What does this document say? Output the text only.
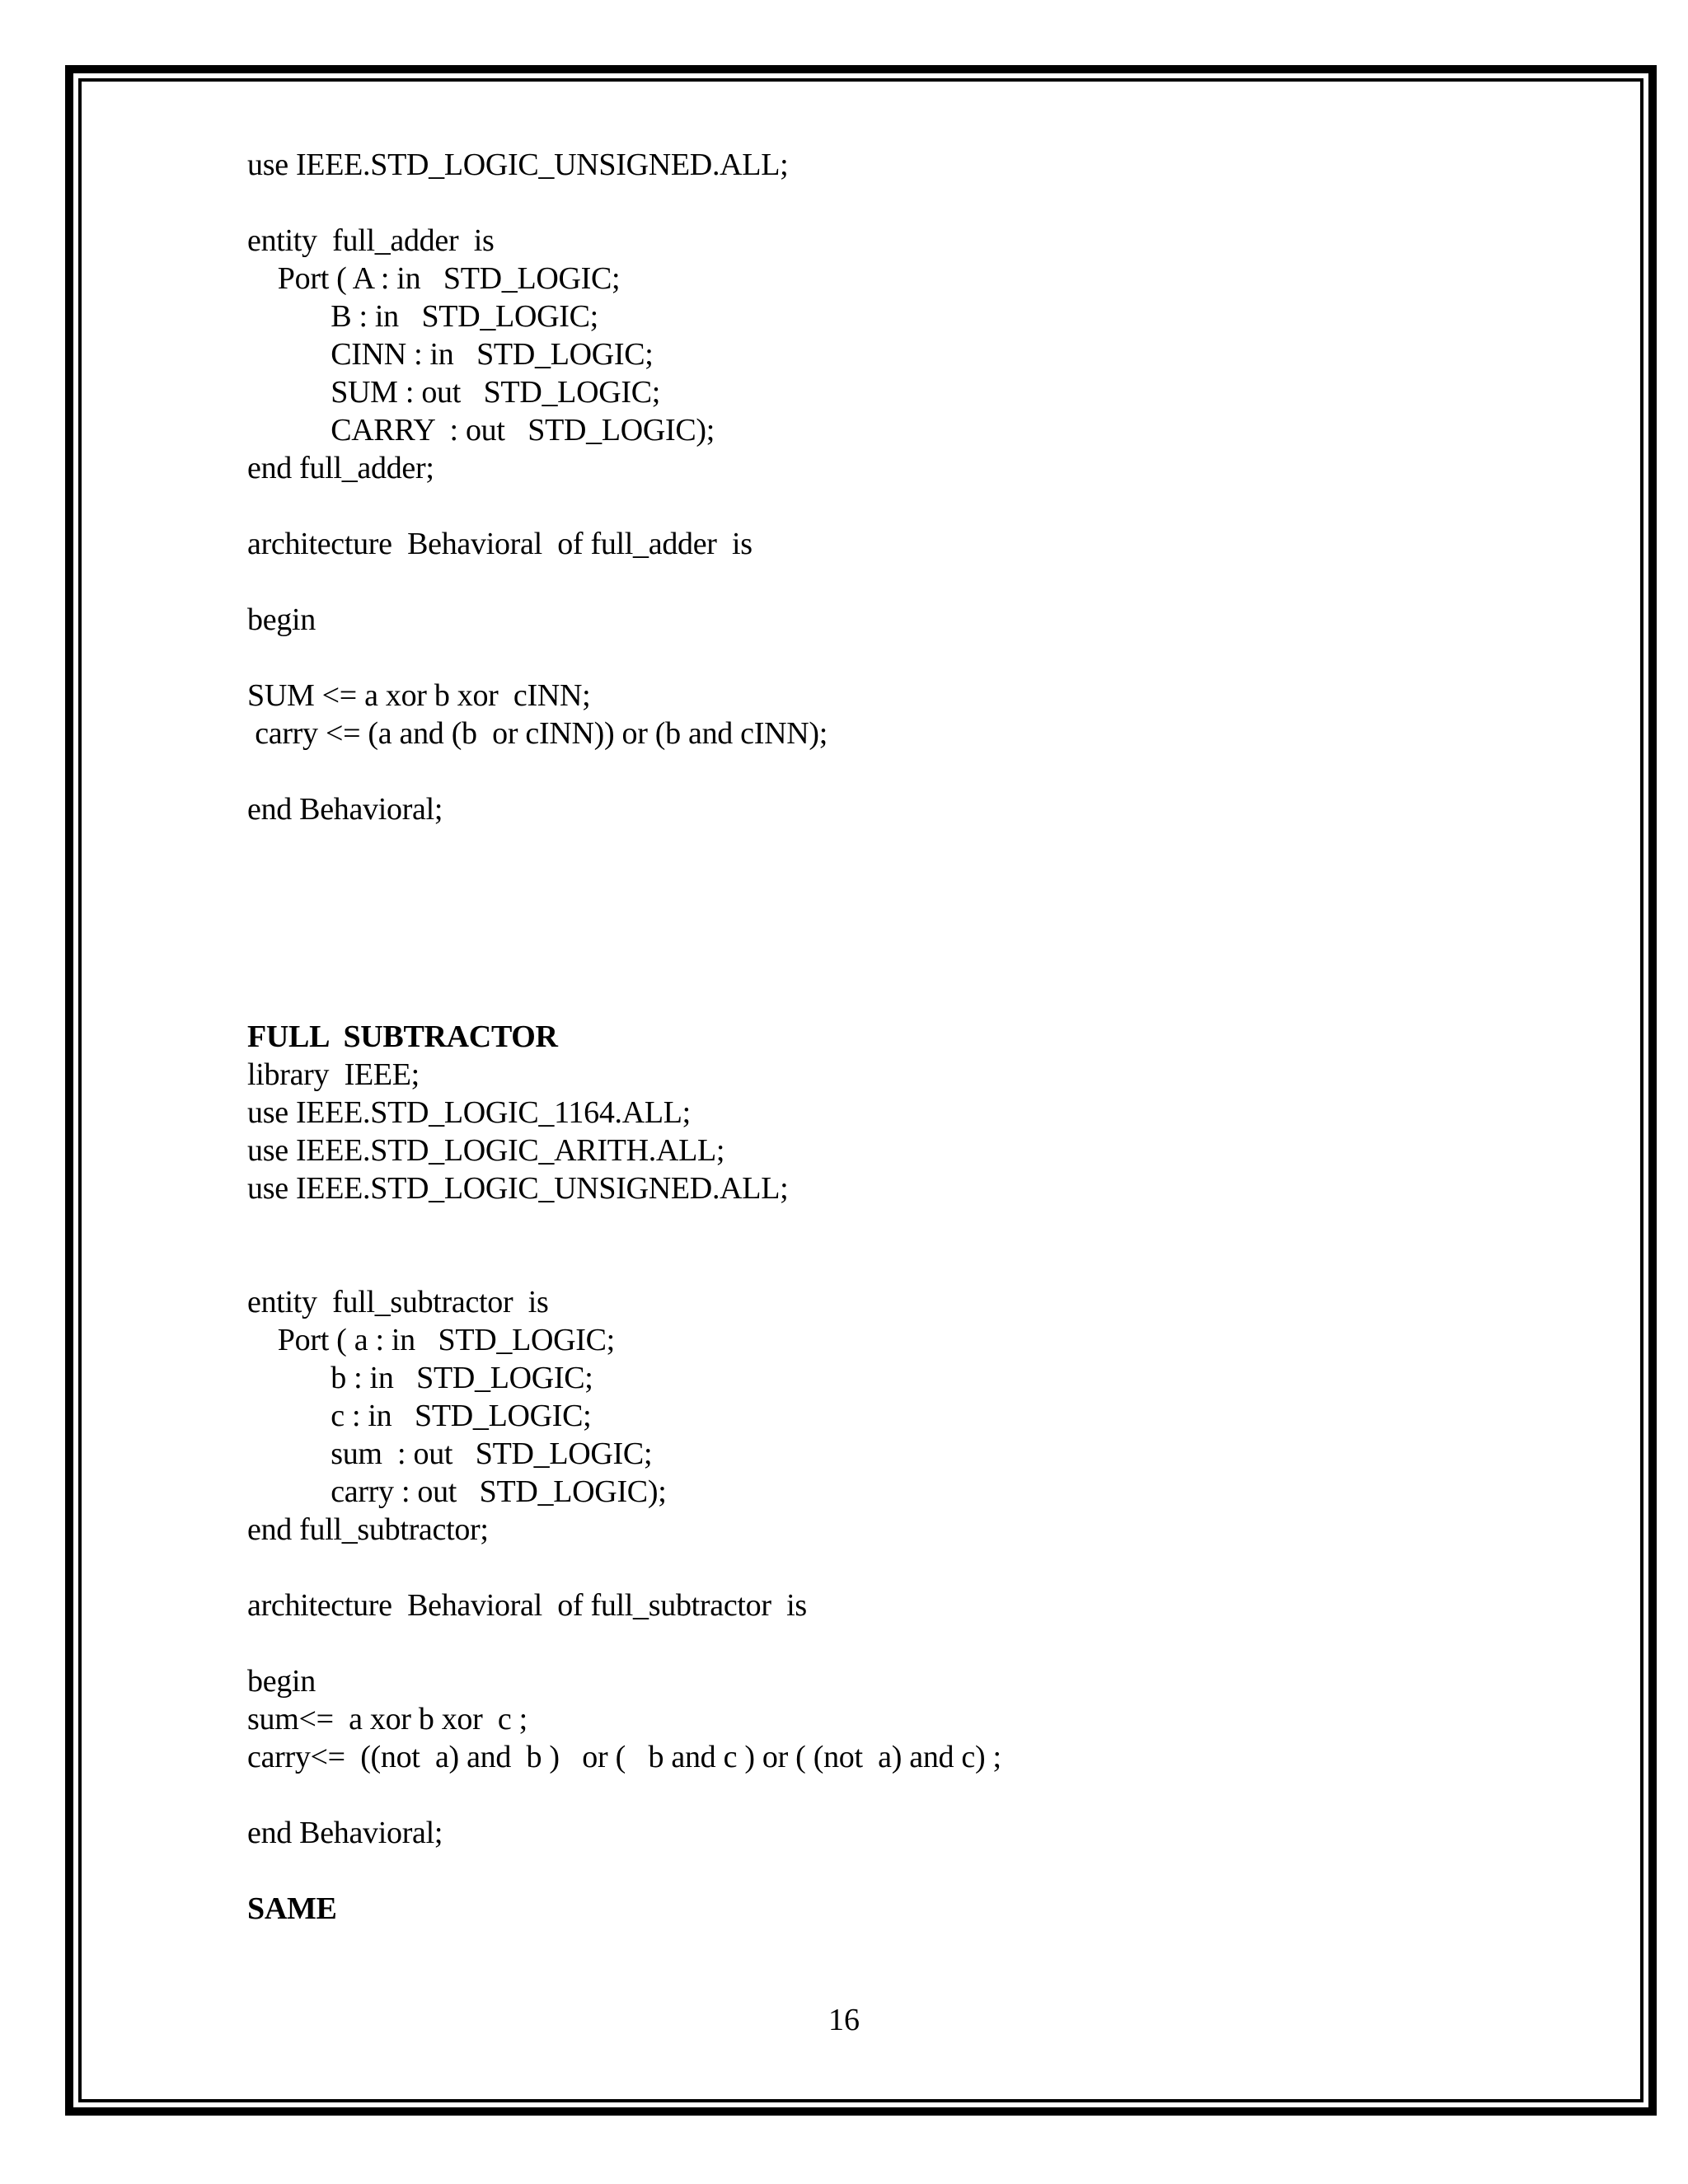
use IEEE.STD_LOGIC_UNSIGNED.ALL;
entity  full_adder  is
Port ( A : in   STD_LOGIC;
B : in   STD_LOGIC;
CINN : in   STD_LOGIC;
SUM : out   STD_LOGIC;
CARRY  : out   STD_LOGIC);
end full_adder;
architecture  Behavioral  of full_adder  is
begin
SUM <= a xor b xor  cINN;
carry <= (a and (b  or cINN)) or (b and cINN);
end Behavioral;
FULL  SUBTRACTOR
library  IEEE;
use IEEE.STD_LOGIC_1164.ALL;
use IEEE.STD_LOGIC_ARITH.ALL;
use IEEE.STD_LOGIC_UNSIGNED.ALL;
entity  full_subtractor  is
Port ( a : in   STD_LOGIC;
b : in   STD_LOGIC;
c : in   STD_LOGIC;
sum  : out   STD_LOGIC;
carry : out   STD_LOGIC);
end full_subtractor;
architecture  Behavioral  of full_subtractor  is
begin
sum<=  a xor b xor  c ;
carry<=  ((not  a) and  b )   or (   b and c ) or ( (not  a) and c) ;
end Behavioral;
SAME
16
